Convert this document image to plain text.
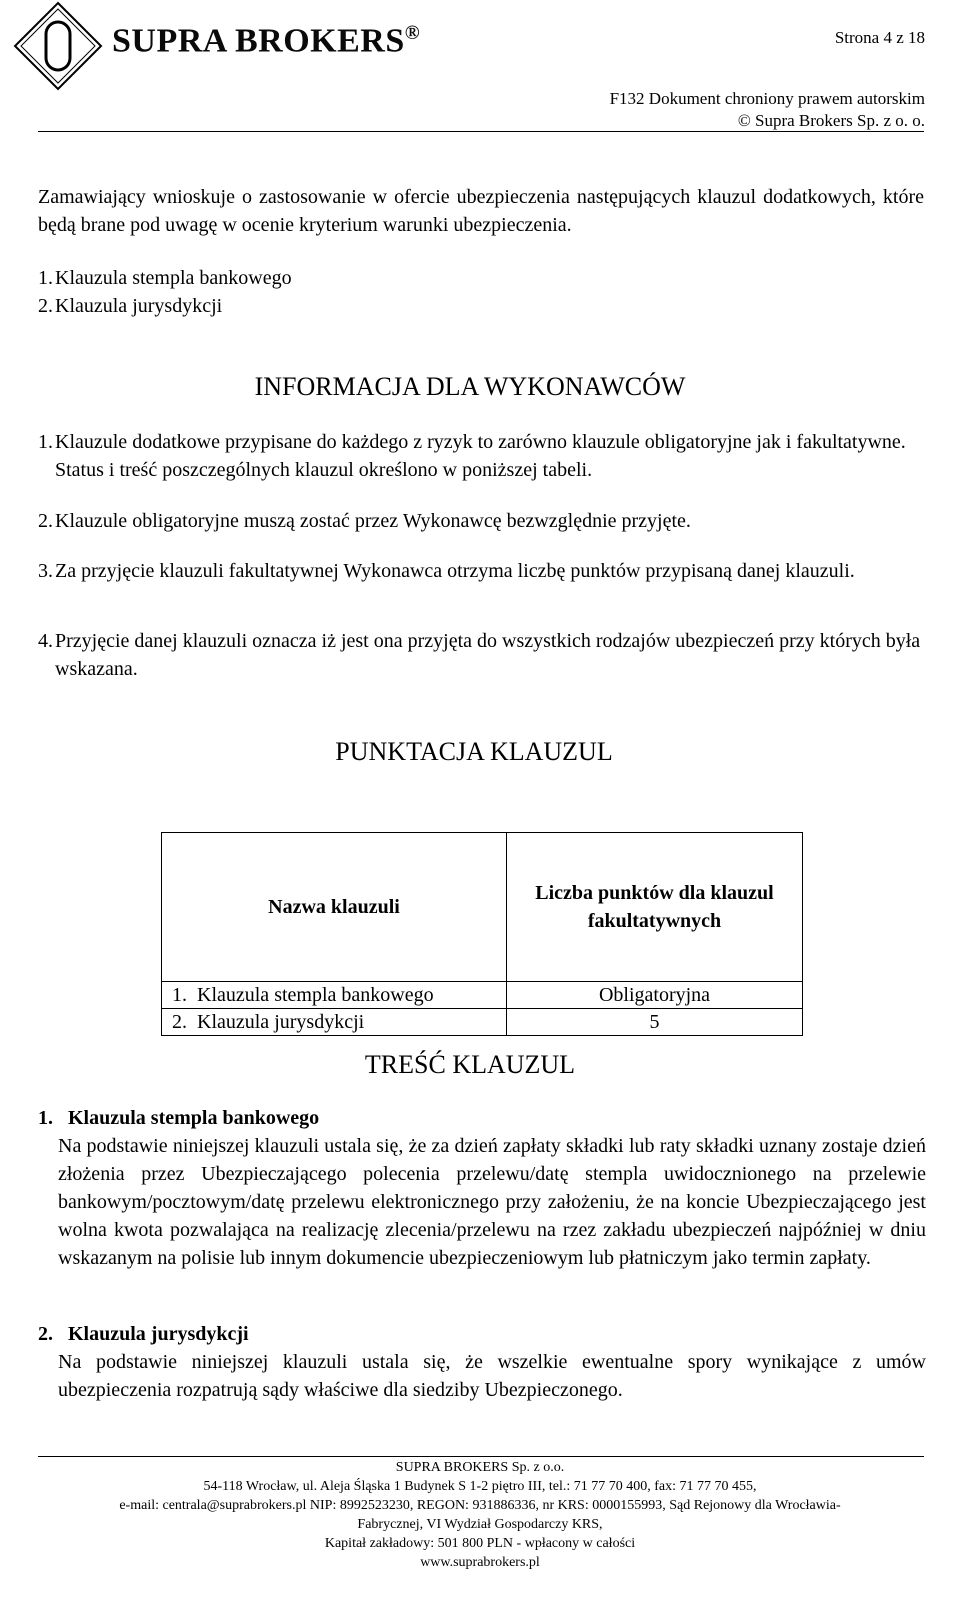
SUPRA BROKERS®	Strona 4 z 18
F132 Dokument chroniony prawem autorskim
© Supra Brokers Sp. z o. o.

Zamawiający wnioskuje o zastosowanie w ofercie ubezpieczenia następujących klauzul dodatkowych, które będą brane pod uwagę w ocenie kryterium warunki ubezpieczenia.

1. Klauzula stempla bankowego
2. Klauzula jurysdykcji
INFORMACJA DLA WYKONAWCÓW
1. Klauzule dodatkowe przypisane do każdego z ryzyk to zarówno klauzule obligatoryjne jak i fakultatywne. Status i treść poszczególnych klauzul określono w poniższej tabeli.
2. Klauzule obligatoryjne muszą zostać przez Wykonawcę bezwzględnie przyjęte.
3. Za przyjęcie klauzuli fakultatywnej Wykonawca otrzyma liczbę punktów przypisaną danej klauzuli.
4. Przyjęcie danej klauzuli oznacza iż jest ona przyjęta do wszystkich rodzajów ubezpieczeń przy których była wskazana.
PUNKTACJA KLAUZUL
Nazwa klauzuli	Liczba punktów dla klauzul fakultatywnych
1.  Klauzula stempla bankowego	Obligatoryjna
2.  Klauzula jurysdykcji	5
TREŚĆ KLAUZUL
1. Klauzula stempla bankowego

Na podstawie niniejszej klauzuli ustala się, że za dzień zapłaty składki lub raty składki uznany zostaje dzień złożenia przez Ubezpieczającego polecenia przelewu/datę stempla uwidocznionego na przelewie bankowym/pocztowym/datę przelewu elektronicznego przy założeniu, że na koncie Ubezpieczającego jest wolna kwota pozwalająca na realizację zlecenia/przelewu na rzez zakładu ubezpieczeń najpóźniej w dniu wskazanym na polisie lub innym dokumencie ubezpieczeniowym lub płatniczym jako termin zapłaty.

2. Klauzula jurysdykcji

Na podstawie niniejszej klauzuli ustala się, że wszelkie ewentualne spory wynikające z umów ubezpieczenia rozpatrują sądy właściwe dla siedziby Ubezpieczonego.

SUPRA BROKERS Sp. z o.o.
54-118 Wrocław, ul. Aleja Śląska 1 Budynek S 1-2 piętro III, tel.: 71 77 70 400, fax: 71 77 70 455,
e-mail: centrala@suprabrokers.pl NIP: 8992523230, REGON: 931886336, nr KRS: 0000155993, Sąd Rejonowy dla Wrocławia-
Fabrycznej, VI Wydział Gospodarczy KRS,
Kapitał zakładowy: 501 800 PLN - wpłacony w całości
www.suprabrokers.pl
